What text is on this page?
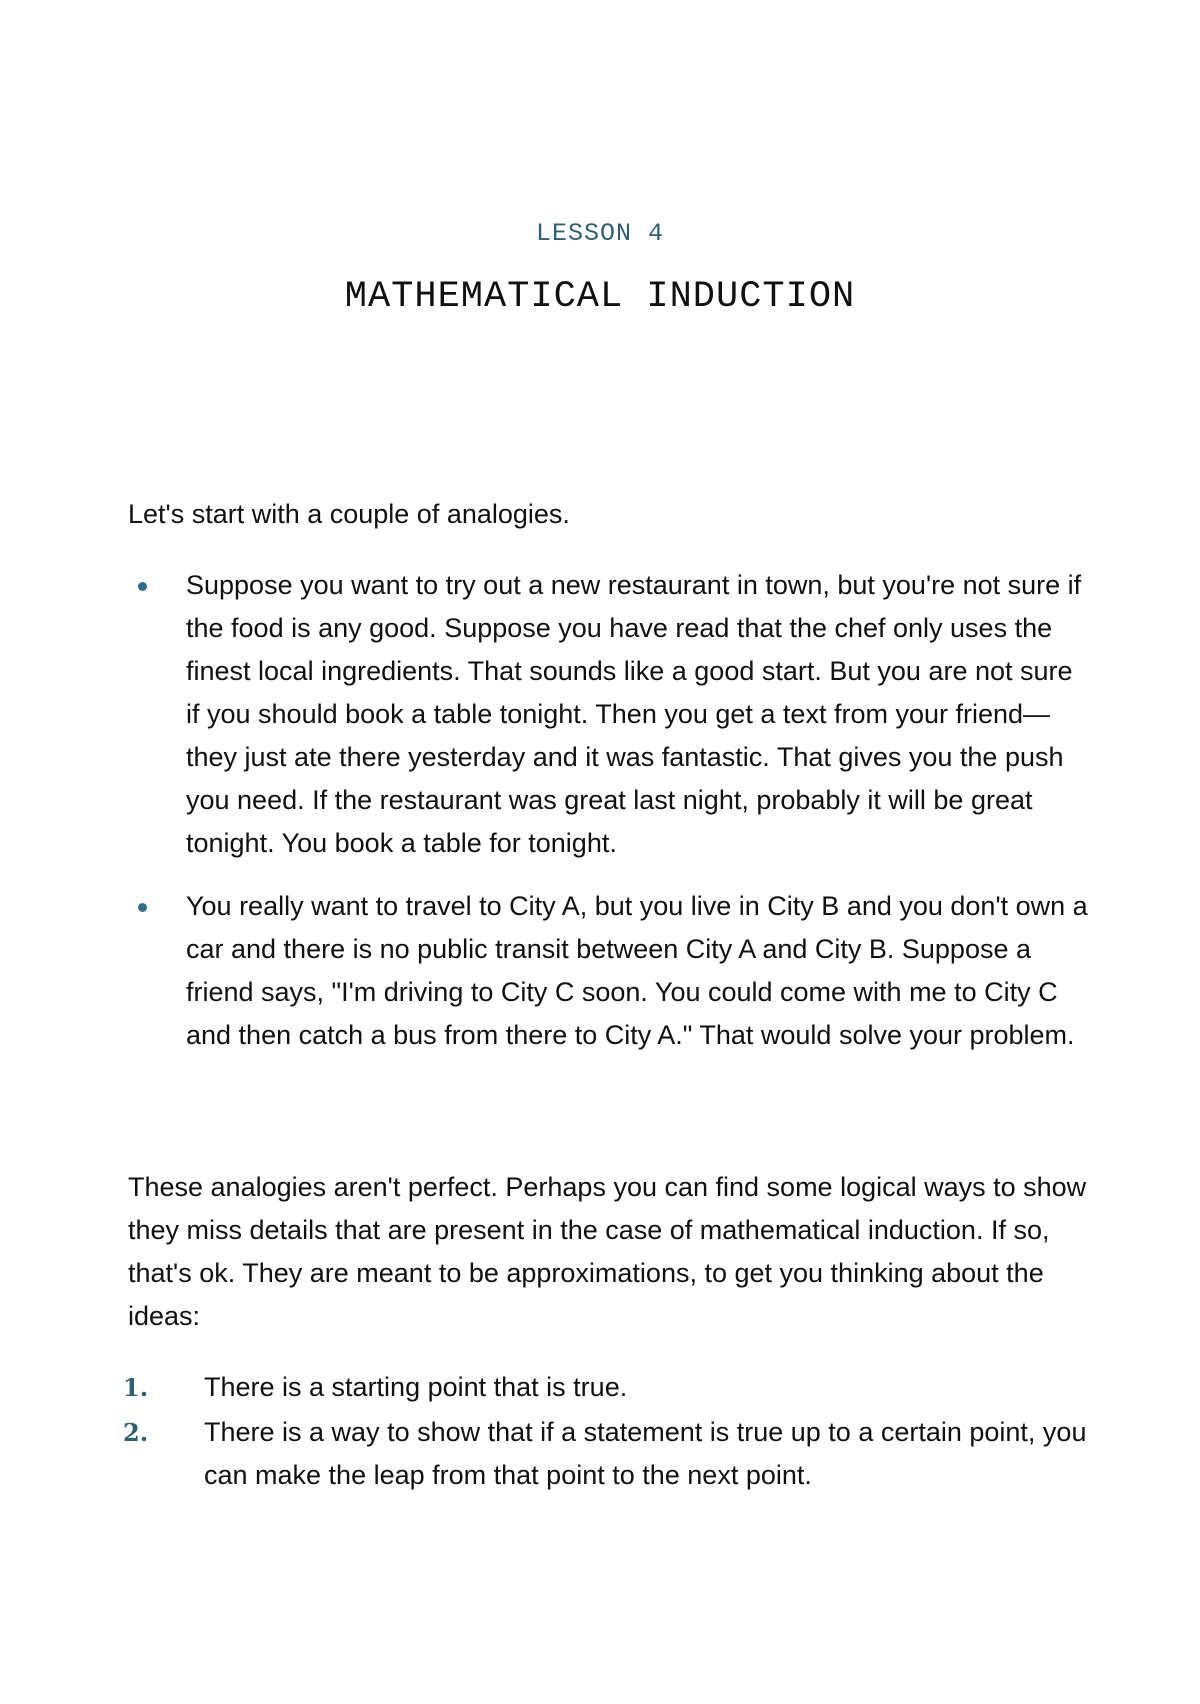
LESSON 4
MATHEMATICAL INDUCTION

Let's start with a couple of analogies.

Suppose you want to try out a new restaurant in town, but you're not sure if the food is any good. Suppose you have read that the chef only uses the finest local ingredients. That sounds like a good start. But you are not sure if you should book a table tonight. Then you get a text from your friend—they just ate there yesterday and it was fantastic. That gives you the push you need. If the restaurant was great last night, probably it will be great tonight. You book a table for tonight.
You really want to travel to City A, but you live in City B and you don't own a car and there is no public transit between City A and City B. Suppose a friend says, "I'm driving to City C soon. You could come with me to City C and then catch a bus from there to City A." That would solve your problem.

These analogies aren't perfect. Perhaps you can find some logical ways to show they miss details that are present in the case of mathematical induction. If so, that's ok. They are meant to be approximations, to get you thinking about the ideas:

1. There is a starting point that is true.
2. There is a way to show that if a statement is true up to a certain point, you can make the leap from that point to the next point.
